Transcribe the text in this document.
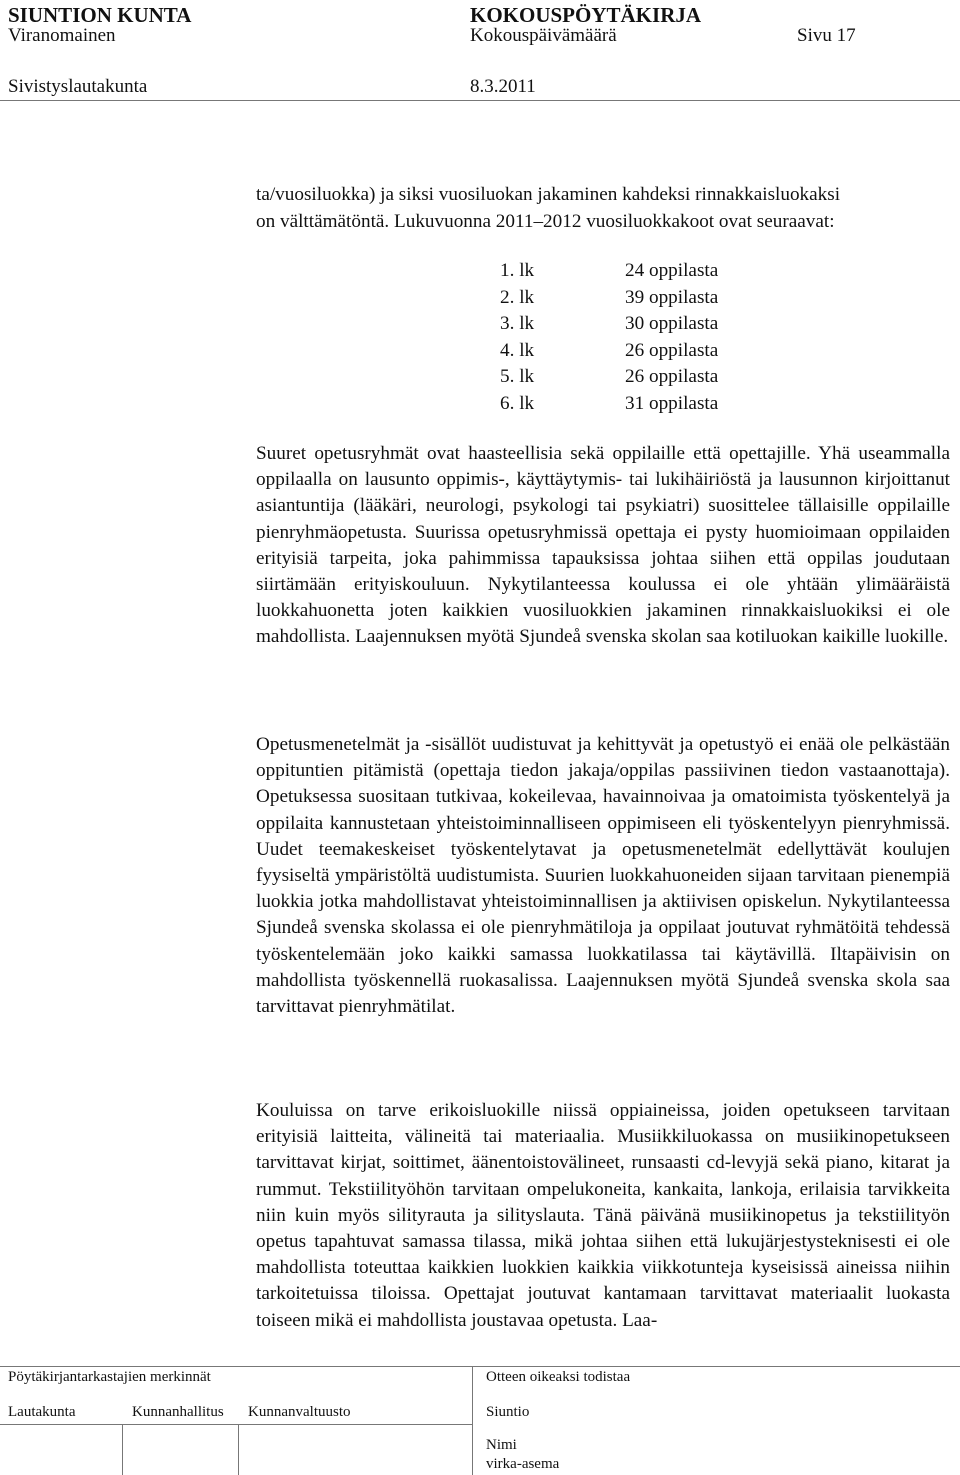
SIUNTION KUNTA	KOKOUSPÖYTÄKIRJA
Viranomainen	Kokouspäivämäärä	Sivu 17
Sivistyslautakunta	8.3.2011
ta/vuosiluokka) ja siksi vuosiluokan jakaminen kahdeksi rinnakkaisluokaksi
on välttämätöntä. Lukuvuonna 2011–2012 vuosiluokkakoot ovat seuraavat:
1. lk	24 oppilasta
2. lk	39 oppilasta
3. lk	30 oppilasta
4. lk	26 oppilasta
5. lk	26 oppilasta
6. lk	31 oppilasta
Suuret opetusryhmät ovat haasteellisia sekä oppilaille että opettajille. Yhä useammalla oppilaalla on lausunto oppimis-, käyttäytymis- tai lukihäiriöstä ja lausunnon kirjoittanut asiantuntija (lääkäri, neurologi, psykologi tai psykiatri) suosittelee tällaisille oppilaille pienryhmäopetusta. Suurissa opetusryhmissä opettaja ei pysty huomioimaan oppilaiden erityisiä tarpeita, joka pahimmissa tapauksissa johtaa siihen että oppilas joudutaan siirtämään erityiskouluun. Nykytilanteessa koulussa ei ole yhtään ylimääräistä luokkahuonetta joten kaikkien vuosiluokkien jakaminen rinnakkaisluokiksi ei ole mahdollista. Laajennuksen myötä Sjundeå svenska skolan saa kotiluokan kaikille luokille.
Opetusmenetelmät ja -sisällöt uudistuvat ja kehittyvät ja opetustyö ei enää ole pelkästään oppituntien pitämistä (opettaja tiedon jakaja/oppilas passiivinen tiedon vastaanottaja). Opetuksessa suositaan tutkivaa, kokeilevaa, havainnoivaa ja omatoimista työskentelyä ja oppilaita kannustetaan yhteistoiminnalliseen oppimiseen eli työskentelyyn pienryhmissä. Uudet teemakeskeiset työskentelytavat ja opetusmenetelmät edellyttävät koulujen fyysiseltä ympäristöltä uudistumista. Suurien luokkahuoneiden sijaan tarvitaan pienempiä luokkia jotka mahdollistavat yhteistoiminnallisen ja aktiivisen opiskelun. Nykytilanteessa Sjundeå svenska skolassa ei ole pienryhmätiloja ja oppilaat joutuvat ryhmätöitä tehdessä työskentelemään joko kaikki samassa luokkatilassa tai käytävillä. Iltapäivisin on mahdollista työskennellä ruokasalissa. Laajennuksen myötä Sjundeå svenska skola saa tarvittavat pienryhmätilat.
Kouluissa on tarve erikoisluokille niissä oppiaineissa, joiden opetukseen tarvitaan erityisiä laitteita, välineitä tai materiaalia. Musiikkiluokassa on musiikinopetukseen tarvittavat kirjat, soittimet, äänentoistovälineet, runsaasti cd-levyjä sekä piano, kitarat ja rummut. Tekstiilityöhön tarvitaan ompelukoneita, kankaita, lankoja, erilaisia tarvikkeita niin kuin myös silityrauta ja silityslauta. Tänä päivänä musiikinopetus ja tekstiilityön opetus tapahtuvat samassa tilassa, mikä johtaa siihen että lukujärjestysteknisesti ei ole mahdollista toteuttaa kaikkien luokkien kaikkia viikkotunteja kyseisissä aineissa niihin tarkoitetuissa tiloissa. Opettajat joutuvat kantamaan tarvittavat materiaalit luokasta toiseen mikä ei mahdollista joustavaa opetusta. Laa-
Pöytäkirjantarkastajien merkinnät	Otteen oikeaksi todistaa
Lautakunta	Kunnanhallitus Kunnanvaltuusto	Siuntio
Nimi
virka-asema
